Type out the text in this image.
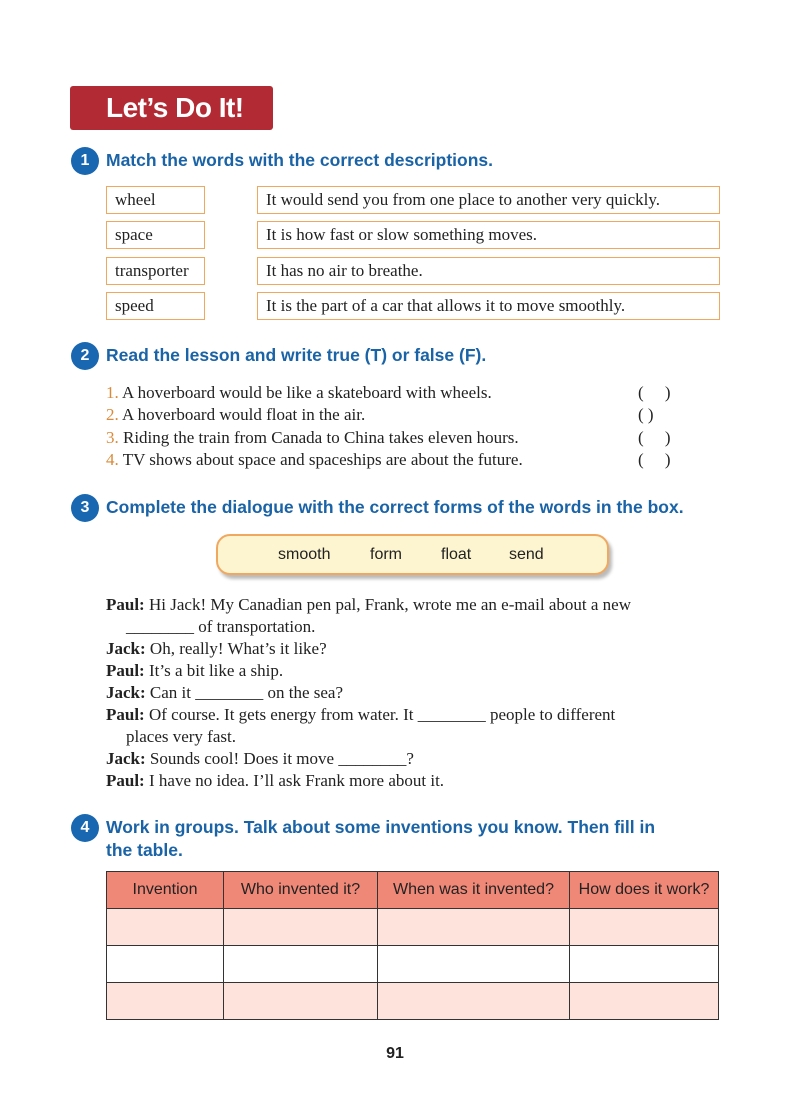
Let’s Do It!
1 Match the words with the correct descriptions.
wheel	It would send you from one place to another very quickly.
space	It is how fast or slow something moves.
transporter	It has no air to breathe.
speed	It is the part of a car that allows it to move smoothly.
2 Read the lesson and write true (T) or false (F).
1. A hoverboard would be like a skateboard with wheels.	(     )
2. A hoverboard would float in the air.	( )
3. Riding the train from Canada to China takes eleven hours.	(     )
4. TV shows about space and spaceships are about the future.	(     )
3 Complete the dialogue with the correct forms of the words in the box.
smooth form float send
Paul: Hi Jack! My Canadian pen pal, Frank, wrote me an e-mail about a new
________ of transportation.
Jack: Oh, really! What’s it like?
Paul: It’s a bit like a ship.
Jack: Can it ________ on the sea?
Paul: Of course. It gets energy from water. It ________ people to different
places very fast.
Jack: Sounds cool! Does it move ________?
Paul: I have no idea. I’ll ask Frank more about it.
4 Work in groups. Talk about some inventions you know. Then fill in
the table.
Invention	Who invented it?	When was it invented?	How does it work?

91
